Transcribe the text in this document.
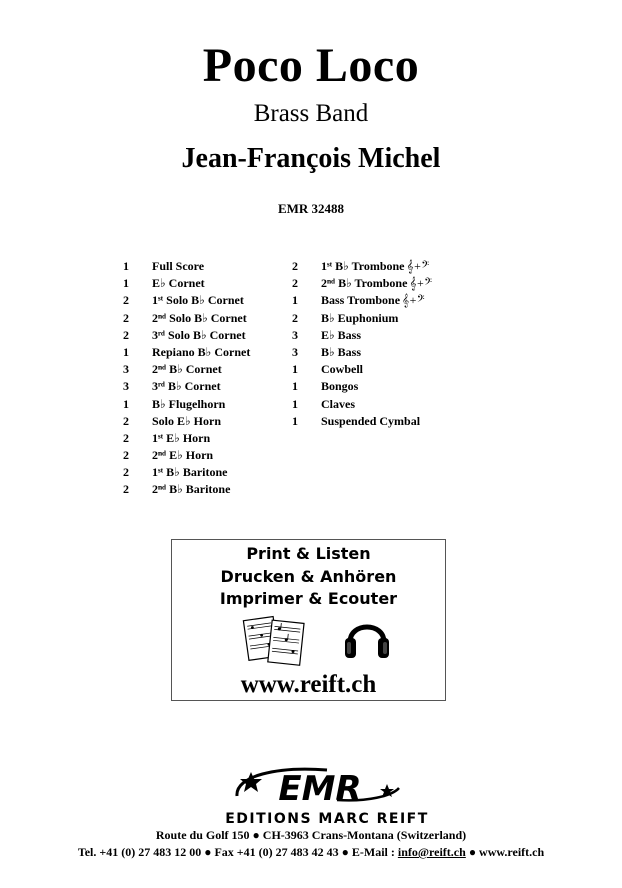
Poco Loco
Brass Band
Jean-François Michel
EMR 32488
1	Full Score
1	E♭ Cornet
2	1ˢᵗ Solo B♭ Cornet
2	2ⁿᵈ Solo B♭ Cornet
2	3ʳᵈ Solo B♭ Cornet
1	Repiano B♭ Cornet
3	2ⁿᵈ B♭ Cornet
3	3ʳᵈ B♭ Cornet
1	B♭ Flugelhorn
2	Solo E♭ Horn
2	1ˢᵗ E♭ Horn
2	2ⁿᵈ E♭ Horn
2	1ˢᵗ B♭ Baritone
2	2ⁿᵈ B♭ Baritone
2	1ˢᵗ B♭ Trombone 𝄞+𝄢
2	2ⁿᵈ B♭ Trombone 𝄞+𝄢
1	Bass Trombone 𝄞+𝄢
2	B♭ Euphonium
3	E♭ Bass
3	B♭ Bass
1	Cowbell
1	Bongos
1	Claves
1	Suspended Cymbal
Print & Listen
Drucken & Anhören
Imprimer & Ecouter
www.reift.ch
EMR
EDITIONS MARC REIFT
Route du Golf 150 ● CH-3963 Crans-Montana (Switzerland)
Tel. +41 (0) 27 483 12 00 ● Fax +41 (0) 27 483 42 43 ● E-Mail : info@reift.ch ● www.reift.ch
